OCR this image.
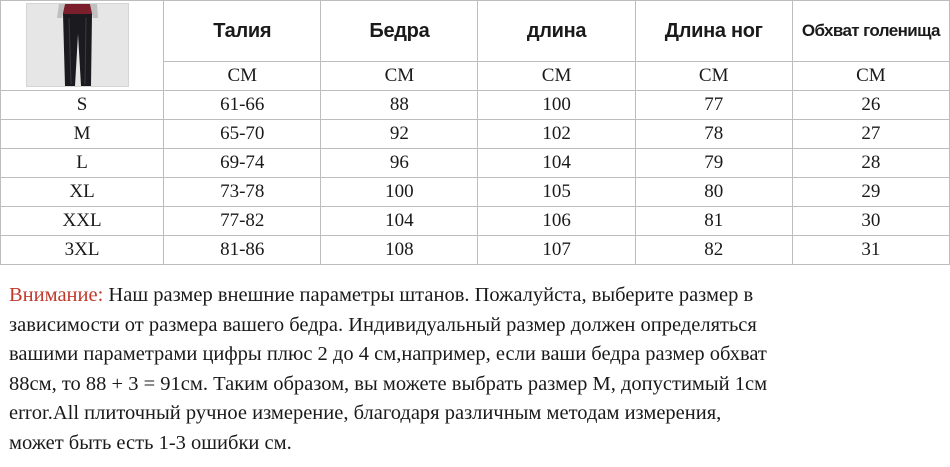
	Талия	Бедра	длина	Длина ног	Обхват голенища
	CM	CM	CM	CM	CM
S	61-66	88	100	77	26
M	65-70	92	102	78	27
L	69-74	96	104	79	28
XL	73-78	100	105	80	29
XXL	77-82	104	106	81	30
3XL	81-86	108	107	82	31

Внимание: Наш размер внешние параметры штанов. Пожалуйста, выберите размер в
зависимости от размера вашего бедра. Индивидуальный размер должен определяться
вашими параметрами цифры плюс 2 до 4 см,например, если ваши бедра размер обхват
88см, то 88 + 3 = 91см. Таким образом, вы можете выбрать размер М, допустимый 1см
error.All плиточный ручное измерение, благодаря различным методам измерения,
может быть есть 1-3 ошибки см.
